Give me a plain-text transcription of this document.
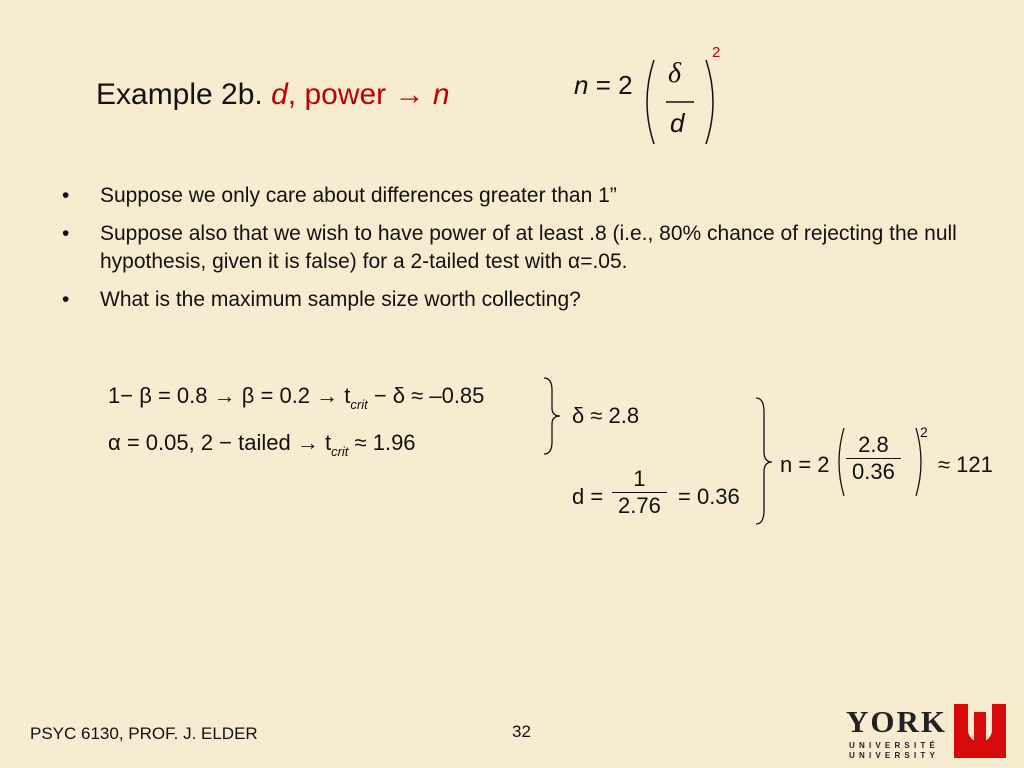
Example 2b. d, power → n	n = 2 δ
d
2
• Suppose we only care about differences greater than 1”
• Suppose also that we wish to have power of at least .8 (i.e., 80% chance of rejecting the null hypothesis, given it is false) for a 2-tailed test with α=.05.
• What is the maximum sample size worth collecting?
$1- \beta = 0.8 \to \beta = 0.2 \to t_{crit} - \delta \approx -0.85$
α = 0.05, 2 − tailed → $t_{crit} \approx 1.96$
δ ≈ 2.8
$d = \frac{1}{2.76} = 0.36$
$n = 2 \frac{2.8}{0.36} 2$
≈ 121
PSYC 6130, PROF. J. ELDER	32	YORK
UNIVERSITÉ
UNIVERSITY
